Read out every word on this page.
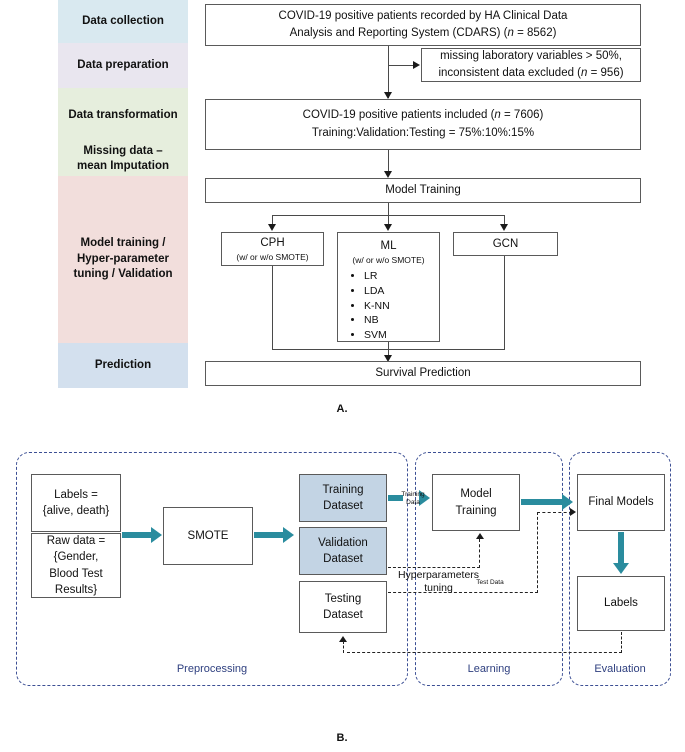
Data collection
Data preparation
Data transformation
Missing data –
mean Imputation
Model training /
Hyper-parameter
tuning / Validation
Prediction
COVID-19 positive patients recorded by HA Clinical Data
Analysis and Reporting System (CDARS) (n = 8562)
missing laboratory variables > 50%,
inconsistent data excluded (n = 956)
COVID-19 positive patients included (n = 7606)
Training:Validation:Testing = 75%:10%:15%
Model Training
CPH
(w/ or w/o SMOTE)
ML
(w/ or w/o SMOTE)
• LR
• LDA
• K-NN
• NB
• SVM
GCN
Survival Prediction
A.
Preprocessing	Learning	Evaluation
Labels =
{alive, death}
Raw data =
{Gender,
Blood Test
Results}
SMOTE
Training
Dataset
Validation
Dataset
Testing
Dataset
Training
Data
Model
Training
Hyperparameters
tuning
Final Models
Labels
Test Data
B.
